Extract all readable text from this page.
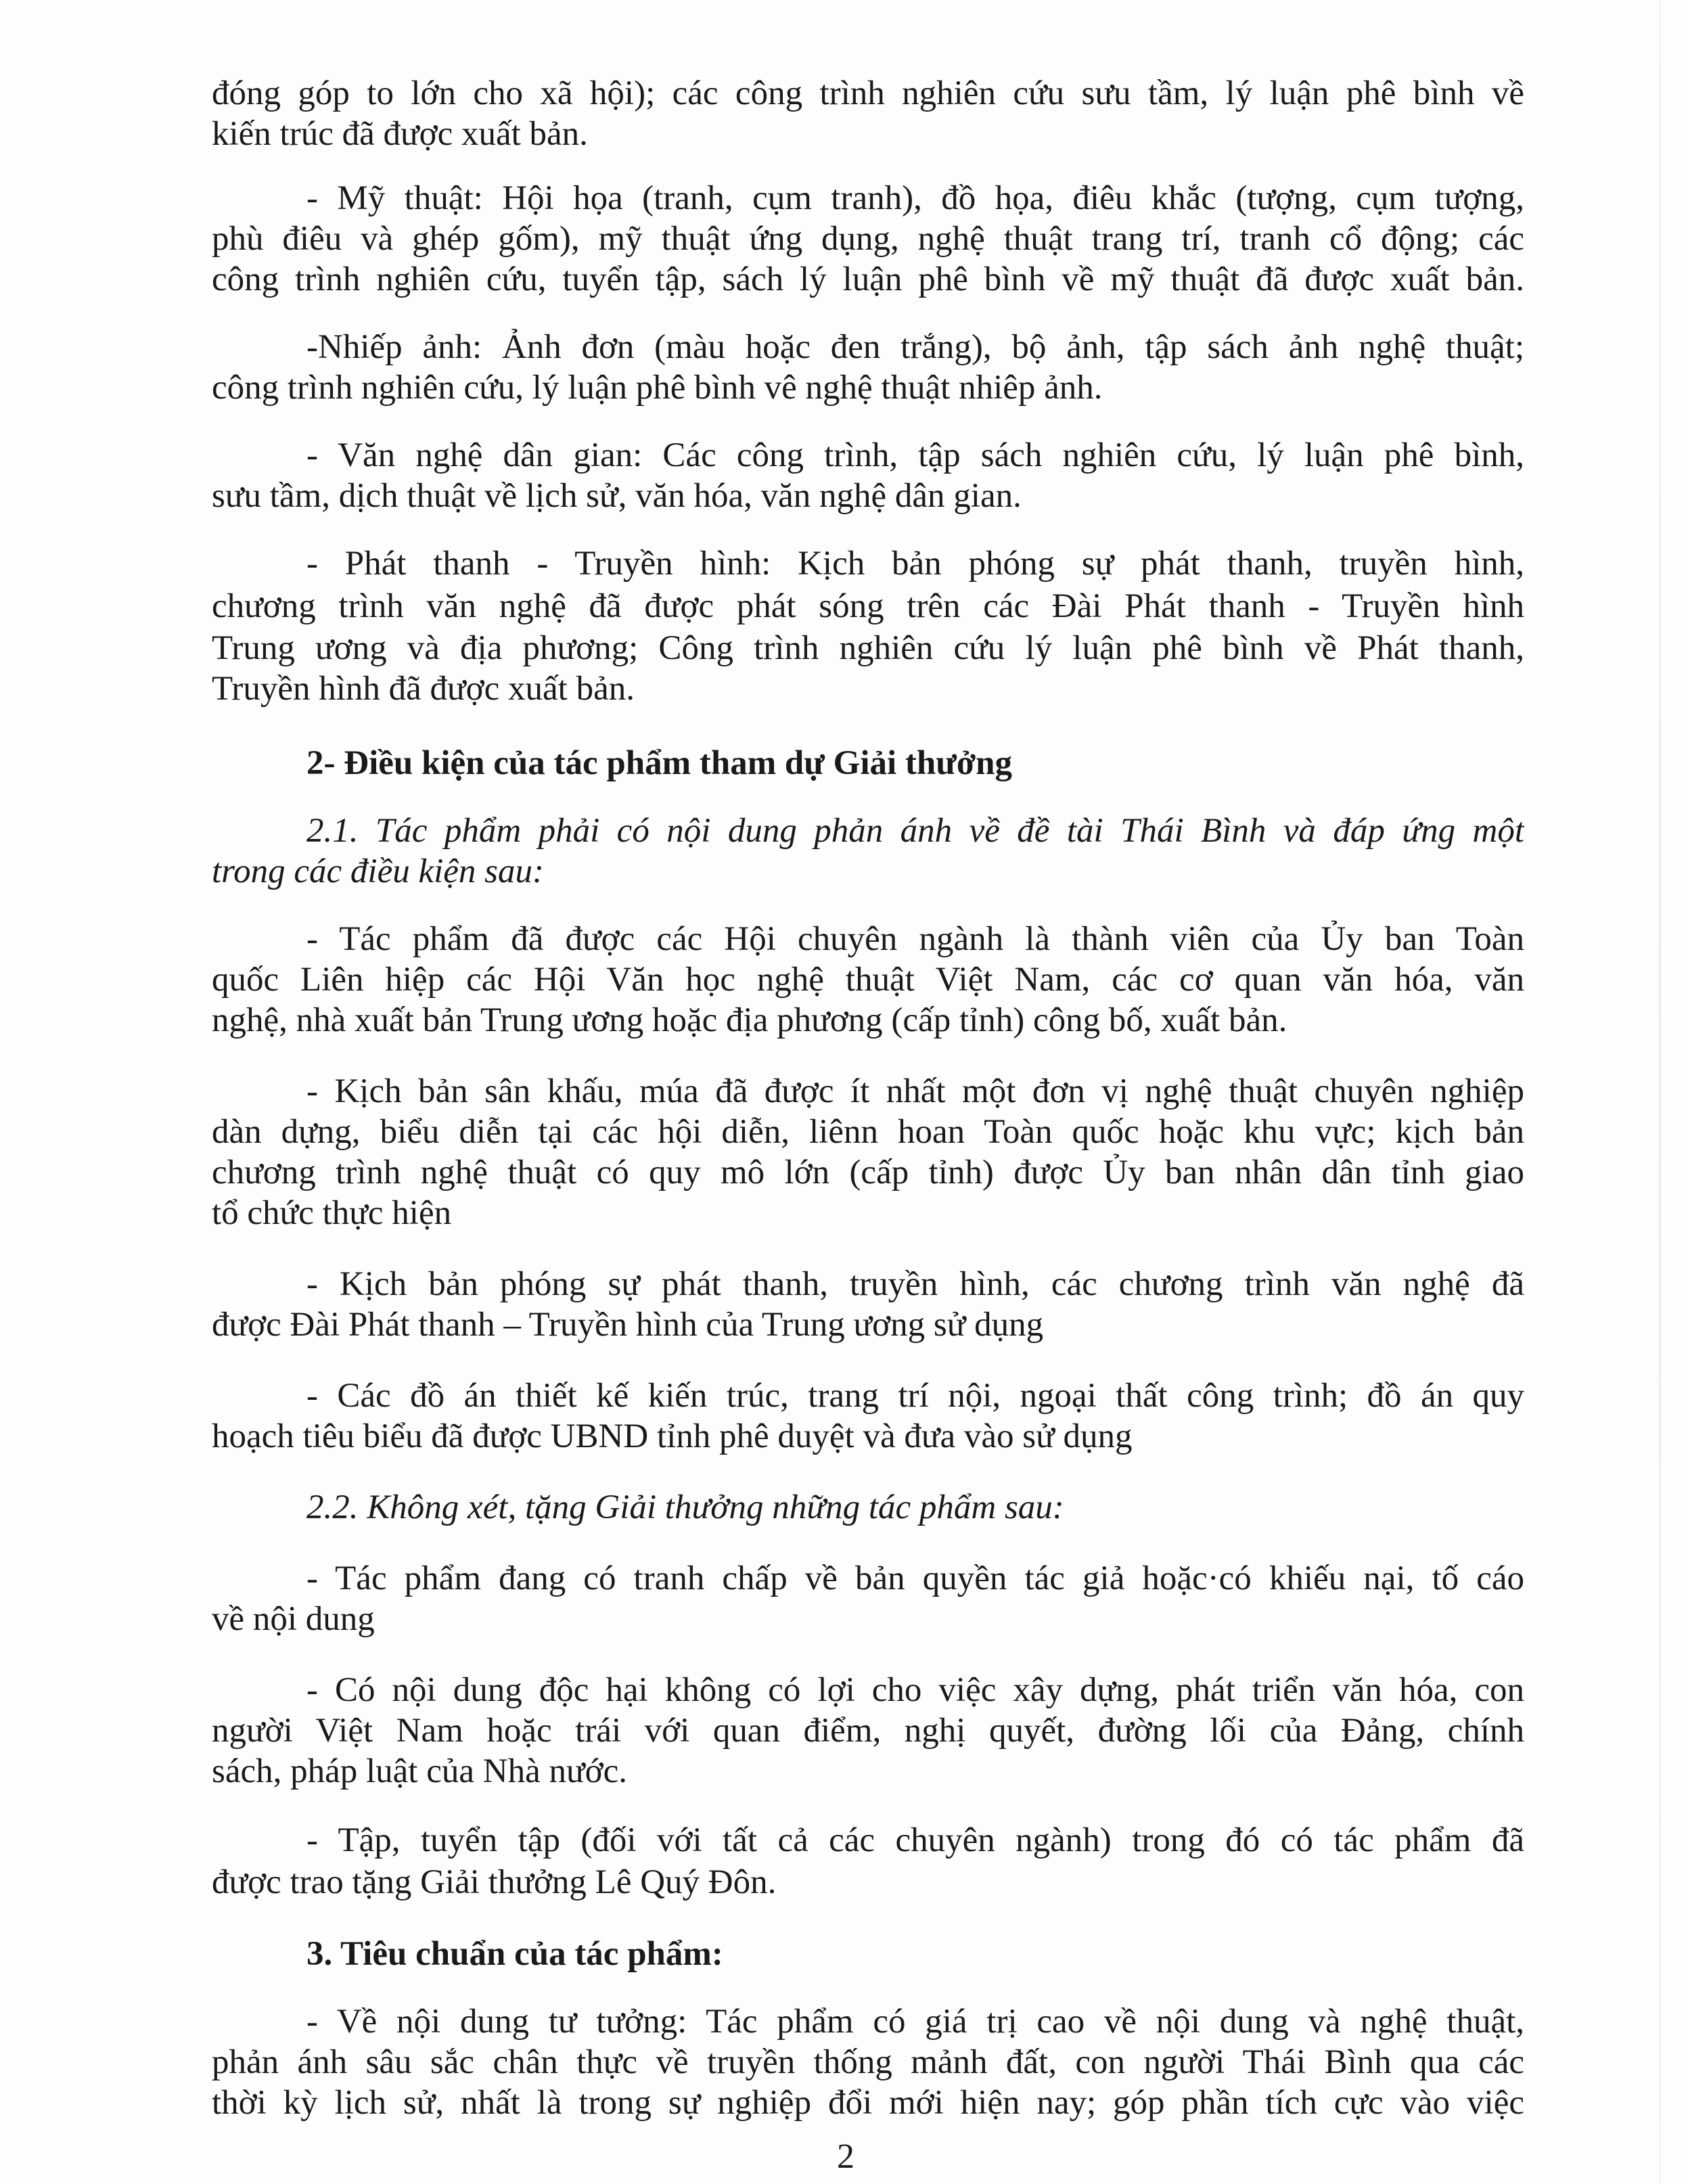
đóng góp to lớn cho xã hội); các công trình nghiên cứu sưu tầm, lý luận phê bình về
kiến trúc đã được xuất bản.
- Mỹ thuật: Hội họa (tranh, cụm tranh), đồ họa, điêu khắc (tượng, cụm tượng,
phù điêu và ghép gốm), mỹ thuật ứng dụng, nghệ thuật trang trí, tranh cổ động; các
công trình nghiên cứu, tuyển tập, sách lý luận phê bình về mỹ thuật đã được xuất bản.
-Nhiếp ảnh: Ảnh đơn (màu hoặc đen trắng), bộ ảnh, tập sách ảnh nghệ thuật;
công trình nghiên cứu, lý luận phê bình vê nghệ thuật nhiêp ảnh.
- Văn nghệ dân gian: Các công trình, tập sách nghiên cứu, lý luận phê bình,
sưu tầm, dịch thuật về lịch sử, văn hóa, văn nghệ dân gian.
- Phát thanh - Truyền hình: Kịch bản phóng sự phát thanh, truyền hình,
chương trình văn nghệ đã được phát sóng trên các Đài Phát thanh - Truyền hình
Trung ương và địa phương; Công trình nghiên cứu lý luận phê bình về Phát thanh,
Truyền hình đã được xuất bản.
2- Điều kiện của tác phẩm tham dự Giải thưởng
2.1. Tác phẩm phải có nội dung phản ánh về đề tài Thái Bình và đáp ứng một
trong các điều kiện sau:
- Tác phẩm đã được các Hội chuyên ngành là thành viên của Ủy ban Toàn
quốc Liên hiệp các Hội Văn học nghệ thuật Việt Nam, các cơ quan văn hóa, văn
nghệ, nhà xuất bản Trung ương hoặc địa phương (cấp tỉnh) công bố, xuất bản.
- Kịch bản sân khấu, múa đã được ít nhất một đơn vị nghệ thuật chuyên nghiệp
dàn dựng, biểu diễn tại các hội diễn, liênn hoan Toàn quốc hoặc khu vực; kịch bản
chương trình nghệ thuật có quy mô lớn (cấp tỉnh) được Ủy ban nhân dân tỉnh giao
tổ chức thực hiện
- Kịch bản phóng sự phát thanh, truyền hình, các chương trình văn nghệ đã
được Đài Phát thanh – Truyền hình của Trung ương sử dụng
- Các đồ án thiết kế kiến trúc, trang trí nội, ngoại thất công trình; đồ án quy
hoạch tiêu biểu đã được UBND tỉnh phê duyệt và đưa vào sử dụng
2.2. Không xét, tặng Giải thưởng những tác phẩm sau:
- Tác phẩm đang có tranh chấp về bản quyền tác giả hoặc·có khiếu nại, tố cáo
về nội dung
- Có nội dung độc hại không có lợi cho việc xây dựng, phát triển văn hóa, con
người Việt Nam hoặc trái với quan điểm, nghị quyết, đường lối của Đảng, chính
sách, pháp luật của Nhà nước.
- Tập, tuyển tập (đối với tất cả các chuyên ngành) trong đó có tác phẩm đã
được trao tặng Giải thưởng Lê Quý Đôn.
3. Tiêu chuẩn của tác phẩm:
- Về nội dung tư tưởng: Tác phẩm có giá trị cao về nội dung và nghệ thuật,
phản ánh sâu sắc chân thực về truyền thống mảnh đất, con người Thái Bình qua các
thời kỳ lịch sử, nhất là trong sự nghiệp đổi mới hiện nay; góp phần tích cực vào việc
2
